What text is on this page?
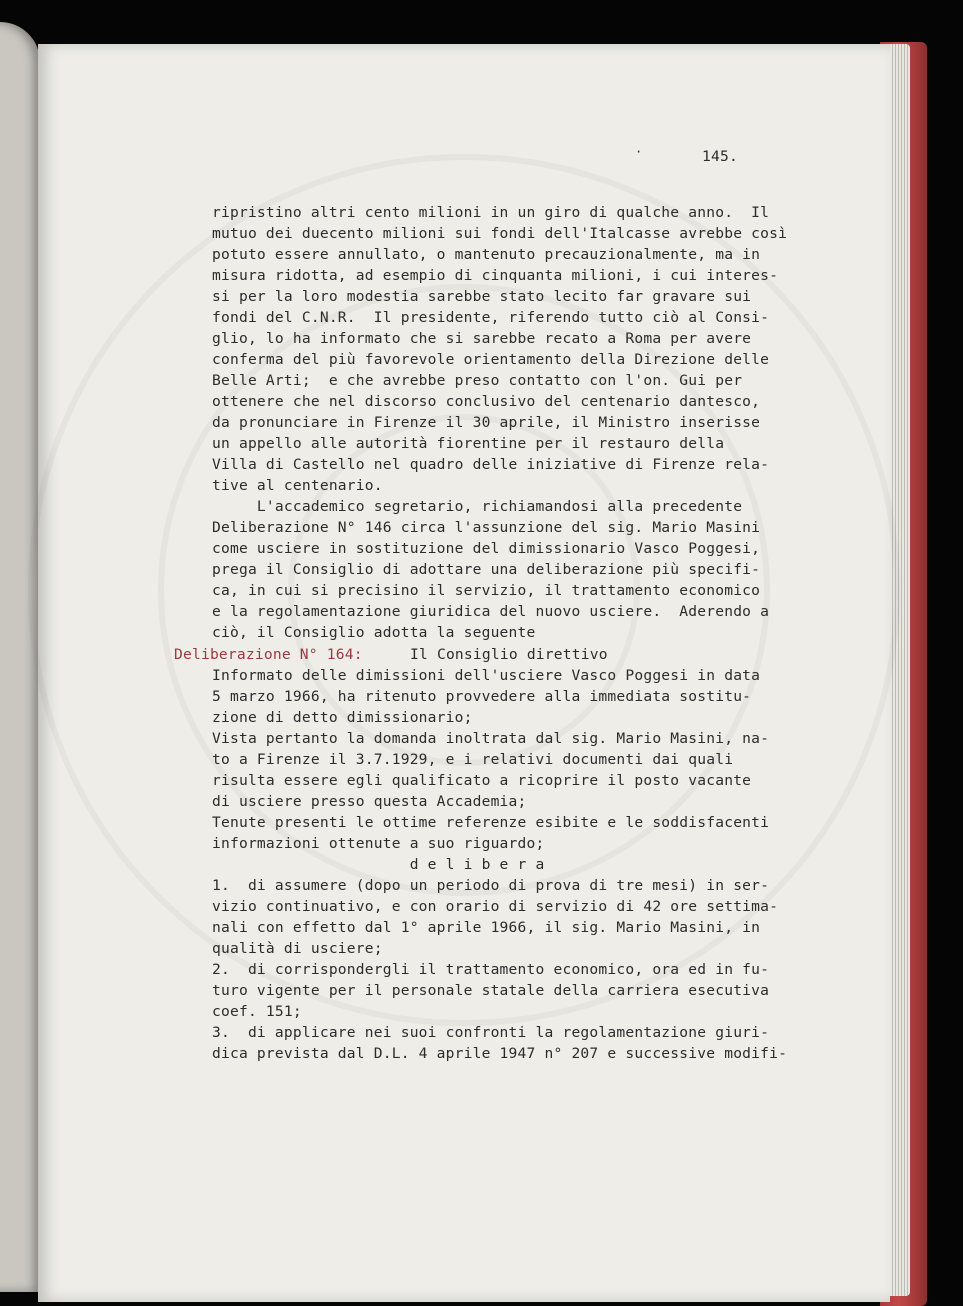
·	145.
ripristino altri cento milioni in un giro di qualche anno.  Il
mutuo dei duecento milioni sui fondi dell'Italcasse avrebbe così
potuto essere annullato, o mantenuto precauzionalmente, ma in
misura ridotta, ad esempio di cinquanta milioni, i cui interes-
si per la loro modestia sarebbe stato lecito far gravare sui
fondi del C.N.R.  Il presidente, riferendo tutto ciò al Consi-
glio, lo ha informato che si sarebbe recato a Roma per avere
conferma del più favorevole orientamento della Direzione delle
Belle Arti;  e che avrebbe preso contatto con l'on. Gui per
ottenere che nel discorso conclusivo del centenario dantesco,
da pronunciare in Firenze il 30 aprile, il Ministro inserisse
un appello alle autorità fiorentine per il restauro della
Villa di Castello nel quadro delle iniziative di Firenze rela-
tive al centenario.
L'accademico segretario, richiamandosi alla precedente
Deliberazione N° 146 circa l'assunzione del sig. Mario Masini
come usciere in sostituzione del dimissionario Vasco Poggesi,
prega il Consiglio di adottare una deliberazione più specifi-
ca, in cui si precisino il servizio, il trattamento economico
e la regolamentazione giuridica del nuovo usciere.  Aderendo a
ciò, il Consiglio adotta la seguente
Deliberazione N° 164:	Il Consiglio direttivo
Informato delle dimissioni dell'usciere Vasco Poggesi in data
5 marzo 1966, ha ritenuto provvedere alla immediata sostitu-
zione di detto dimissionario;
Vista pertanto la domanda inoltrata dal sig. Mario Masini, na-
to a Firenze il 3.7.1929, e i relativi documenti dai quali
risulta essere egli qualificato a ricoprire il posto vacante
di usciere presso questa Accademia;
Tenute presenti le ottime referenze esibite e le soddisfacenti
informazioni ottenute a suo riguardo;
d e l i b e r a
1.  di assumere (dopo un periodo di prova di tre mesi) in ser-
vizio continuativo, e con orario di servizio di 42 ore settima-
nali con effetto dal 1° aprile 1966, il sig. Mario Masini, in
qualità di usciere;
2.  di corrispondergli il trattamento economico, ora ed in fu-
turo vigente per il personale statale della carriera esecutiva
coef. 151;
3.  di applicare nei suoi confronti la regolamentazione giuri-
dica prevista dal D.L. 4 aprile 1947 n° 207 e successive modifi-
